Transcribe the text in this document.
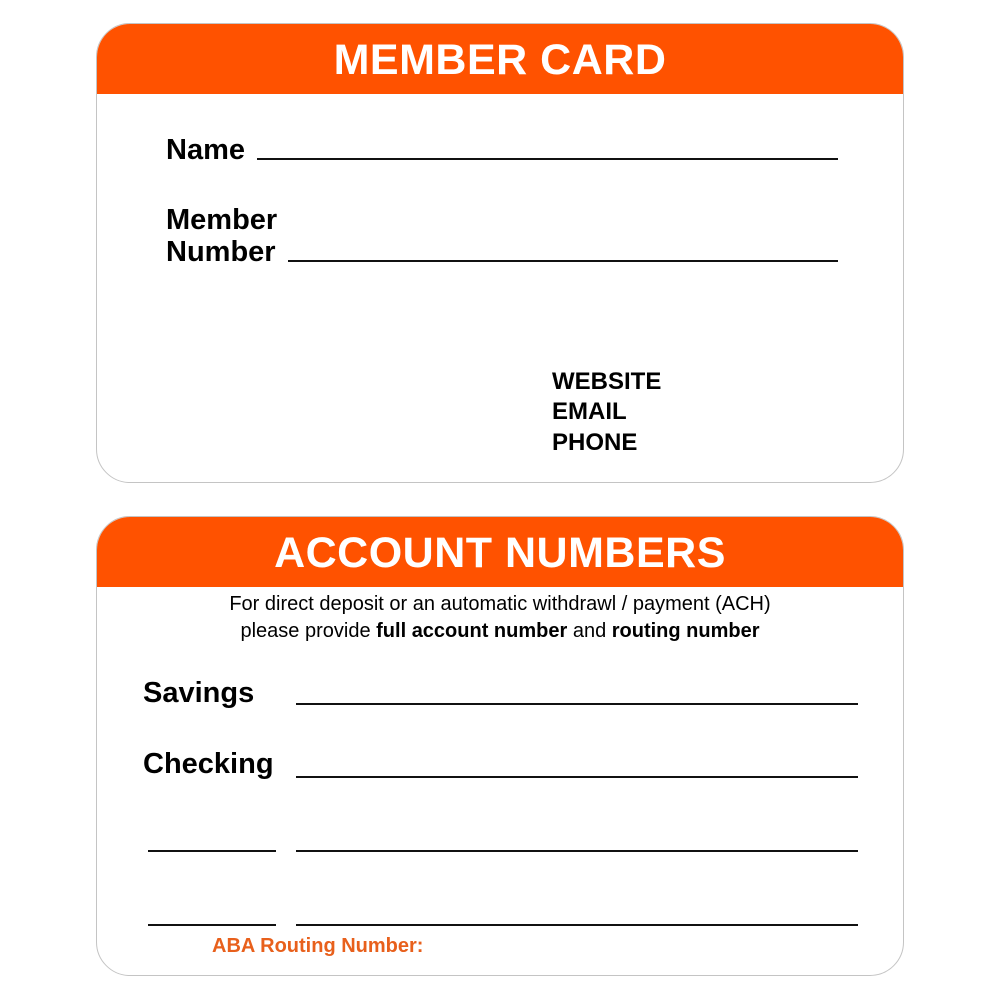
MEMBER CARD
Name
Member
Number
WEBSITE
EMAIL
PHONE
ACCOUNT NUMBERS
For direct deposit or an automatic withdrawl / payment (ACH)
please provide full account number and routing number
Savings
Checking
ABA Routing Number:
